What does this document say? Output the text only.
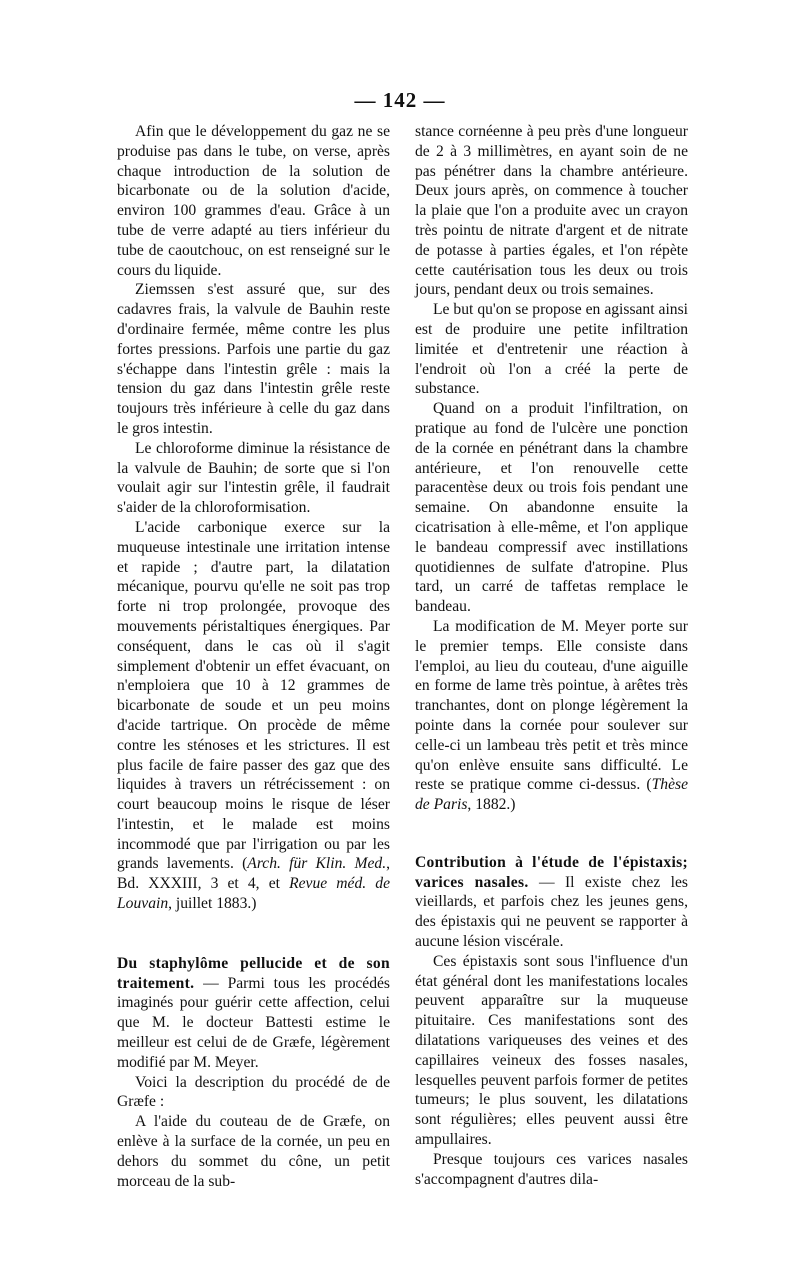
— 142 —

Afin que le développement du gaz ne se produise pas dans le tube, on verse, après chaque introduction de la solution de bicarbonate ou de la solution d'acide, environ 100 grammes d'eau. Grâce à un tube de verre adapté au tiers inférieur du tube de caoutchouc, on est renseigné sur le cours du liquide.

Ziemssen s'est assuré que, sur des cadavres frais, la valvule de Bauhin reste d'ordinaire fermée, même contre les plus fortes pressions. Parfois une partie du gaz s'échappe dans l'intestin grêle : mais la tension du gaz dans l'intestin grêle reste toujours très inférieure à celle du gaz dans le gros intestin.

Le chloroforme diminue la résistance de la valvule de Bauhin; de sorte que si l'on voulait agir sur l'intestin grêle, il faudrait s'aider de la chloroformisation.

L'acide carbonique exerce sur la muqueuse intestinale une irritation intense et rapide ; d'autre part, la dilatation mécanique, pourvu qu'elle ne soit pas trop forte ni trop prolongée, provoque des mouvements péristaltiques énergiques. Par conséquent, dans le cas où il s'agit simplement d'obtenir un effet évacuant, on n'emploiera que 10 à 12 grammes de bicarbonate de soude et un peu moins d'acide tartrique. On procède de même contre les sténoses et les strictures. Il est plus facile de faire passer des gaz que des liquides à travers un rétrécissement : on court beaucoup moins le risque de léser l'intestin, et le malade est moins incommodé que par l'irrigation ou par les grands lavements. (Arch. für Klin. Med., Bd. XXXIII, 3 et 4, et Revue méd. de Louvain, juillet 1883.)

Du staphylôme pellucide et de son traitement. — Parmi tous les procédés imaginés pour guérir cette affection, celui que M. le docteur Battesti estime le meilleur est celui de de Græfe, légèrement modifié par M. Meyer.

Voici la description du procédé de de Græfe :

A l'aide du couteau de de Græfe, on enlève à la surface de la cornée, un peu en dehors du sommet du cône, un petit morceau de la sub-

stance cornéenne à peu près d'une longueur de 2 à 3 millimètres, en ayant soin de ne pas pénétrer dans la chambre antérieure. Deux jours après, on commence à toucher la plaie que l'on a produite avec un crayon très pointu de nitrate d'argent et de nitrate de potasse à parties égales, et l'on répète cette cautérisation tous les deux ou trois jours, pendant deux ou trois semaines.

Le but qu'on se propose en agissant ainsi est de produire une petite infiltration limitée et d'entretenir une réaction à l'endroit où l'on a créé la perte de substance.

Quand on a produit l'infiltration, on pratique au fond de l'ulcère une ponction de la cornée en pénétrant dans la chambre antérieure, et l'on renouvelle cette paracentèse deux ou trois fois pendant une semaine. On abandonne ensuite la cicatrisation à elle-même, et l'on applique le bandeau compressif avec instillations quotidiennes de sulfate d'atropine. Plus tard, un carré de taffetas remplace le bandeau.

La modification de M. Meyer porte sur le premier temps. Elle consiste dans l'emploi, au lieu du couteau, d'une aiguille en forme de lame très pointue, à arêtes très tranchantes, dont on plonge légèrement la pointe dans la cornée pour soulever sur celle-ci un lambeau très petit et très mince qu'on enlève ensuite sans difficulté. Le reste se pratique comme ci-dessus. (Thèse de Paris, 1882.)

Contribution à l'étude de l'épistaxis; varices nasales. — Il existe chez les vieillards, et parfois chez les jeunes gens, des épistaxis qui ne peuvent se rapporter à aucune lésion viscérale.

Ces épistaxis sont sous l'influence d'un état général dont les manifestations locales peuvent apparaître sur la muqueuse pituitaire. Ces manifestations sont des dilatations variqueuses des veines et des capillaires veineux des fosses nasales, lesquelles peuvent parfois former de petites tumeurs; le plus souvent, les dilatations sont régulières; elles peuvent aussi être ampullaires.

Presque toujours ces varices nasales s'accompagnent d'autres dila-
